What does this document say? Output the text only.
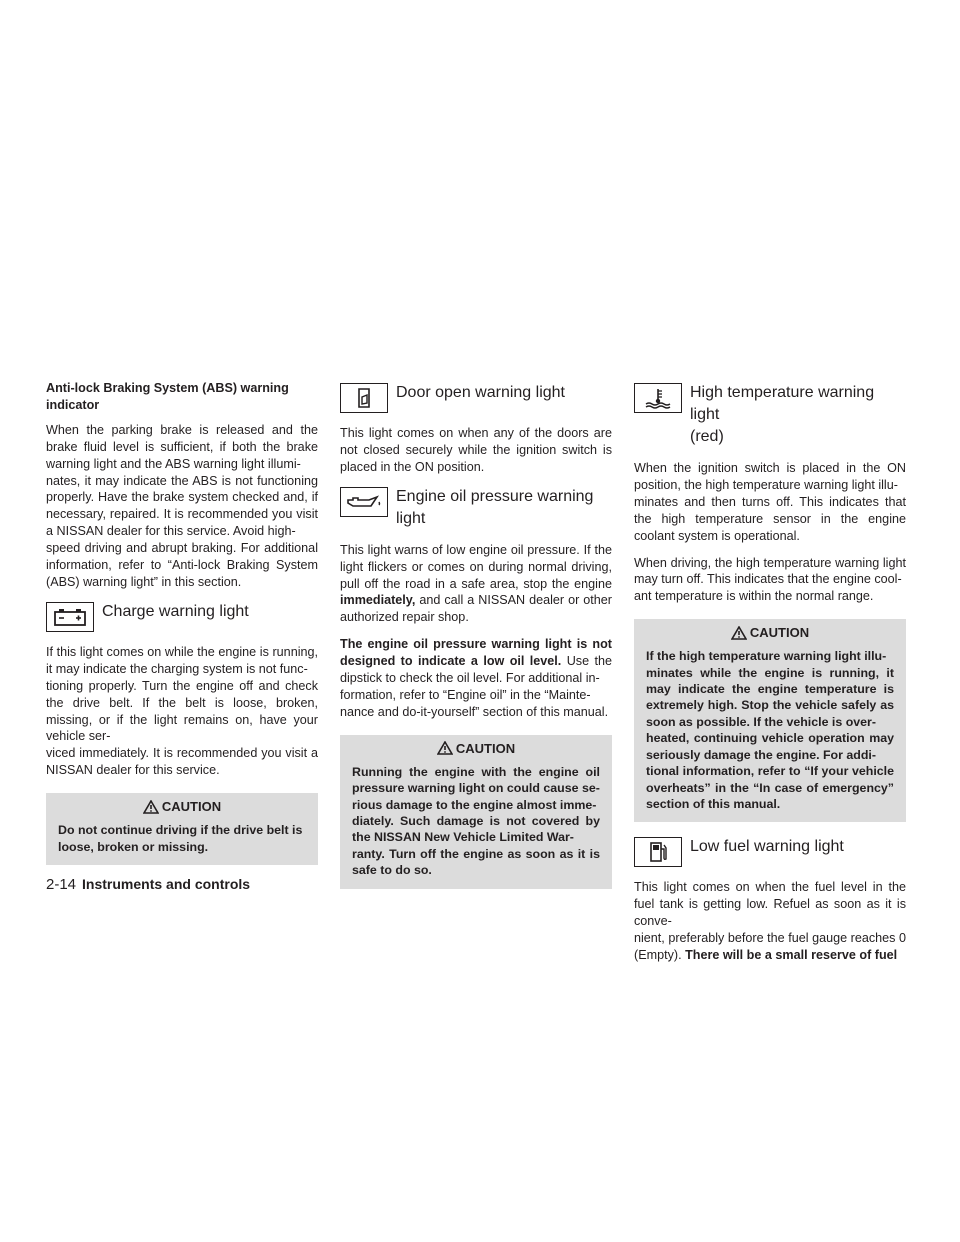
Anti-lock Braking System (ABS) warning
indicator

When the parking brake is released and the brake fluid level is sufficient, if both the brake warning light and the ABS warning light illumi-
nates, it may indicate the ABS is not functioning properly. Have the brake system checked and, if necessary, repaired. It is recommended you visit a NISSAN dealer for this service. Avoid high-
speed driving and abrupt braking. For additional information, refer to “Anti-lock Braking System (ABS) warning light” in this section.

Charge warning light

If this light comes on while the engine is running, it may indicate the charging system is not func-
tioning properly. Turn the engine off and check the drive belt. If the belt is loose, broken, missing, or if the light remains on, have your vehicle ser-
viced immediately. It is recommended you visit a NISSAN dealer for this service.

CAUTION
Do not continue driving if the drive belt is
loose, broken or missing.
Door open warning light

This light comes on when any of the doors are not closed securely while the ignition switch is placed in the ON position.

Engine oil pressure warning
light

This light warns of low engine oil pressure. If the light flickers or comes on during normal driving, pull off the road in a safe area, stop the engine immediately, and call a NISSAN dealer or other authorized repair shop.

The engine oil pressure warning light is not designed to indicate a low oil level. Use the dipstick to check the oil level. For additional in-
formation, refer to “Engine oil” in the “Mainte-
nance and do-it-yourself” section of this manual.

CAUTION
Running the engine with the engine oil pressure warning light on could cause se-
rious damage to the engine almost imme-
diately. Such damage is not covered by the NISSAN New Vehicle Limited War-
ranty. Turn off the engine as soon as it is safe to do so.
High temperature warning light
(red)

When the ignition switch is placed in the ON position, the high temperature warning light illu-
minates and then turns off. This indicates that the high temperature sensor in the engine coolant system is operational.

When driving, the high temperature warning light may turn off. This indicates that the engine cool-
ant temperature is within the normal range.

CAUTION
If the high temperature warning light illu-
minates while the engine is running, it may indicate the engine temperature is extremely high. Stop the vehicle safely as soon as possible. If the vehicle is over-
heated, continuing vehicle operation may seriously damage the engine. For addi-
tional information, refer to “If your vehicle overheats” in the “In case of emergency” section of this manual.
Low fuel warning light

This light comes on when the fuel level in the fuel tank is getting low. Refuel as soon as it is conve-
nient, preferably before the fuel gauge reaches 0 (Empty). There will be a small reserve of fuel

2-14 Instruments and controls
